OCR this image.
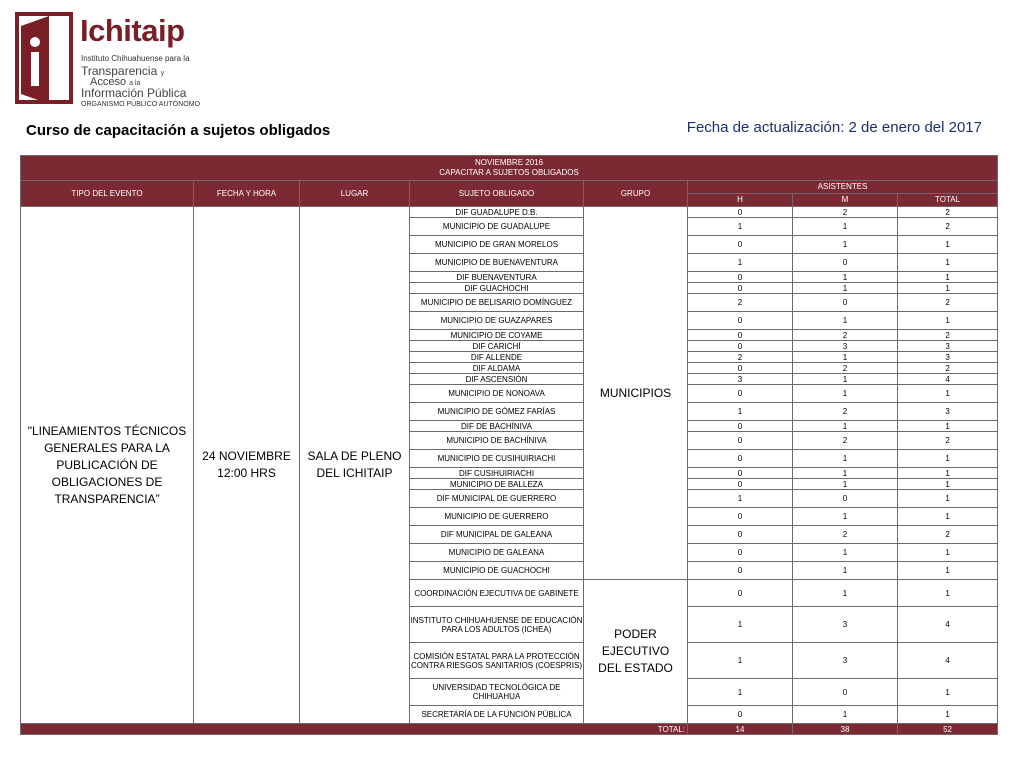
Ichitaip
Instituto Chihuahuense para la
Transparencia y
Acceso a la
Información Pública
ORGANISMO PÚBLICO AUTÓNOMO
Curso de capacitación a sujetos obligados	Fecha de actualización: 2 de enero del 2017
NOVIEMBRE 2016
CAPACITAR A SUJETOS OBLIGADOS							

TIPO DEL EVENTO	FECHA Y HORA	LUGAR	SUJETO OBLIGADO	GRUPO	ASISTENTES		
					H	M	TOTAL
"LINEAMIENTOS TÉCNICOS GENERALES PARA LA PUBLICACIÓN DE OBLIGACIONES DE TRANSPARENCIA”	24 NOVIEMBRE 12:00 HRS	SALA DE PLENO DEL ICHITAIP	DIF GUADALUPE D.B.	MUNICIPIOS	0	2	2
			MUNICIPIO DE GUADALUPE		1	1	2
			MUNICIPIO DE GRAN MORELOS		0	1	1
			MUNICIPIO DE BUENAVENTURA		1	0	1
			DIF BUENAVENTURA		0	1	1
			DIF GUACHOCHI		0	1	1
			MUNICIPIO DE BELISARIO DOMÍNGUEZ		2	0	2
			MUNICIPIO DE GUAZAPARES		0	1	1
			MUNICIPIO DE COYAME		0	2	2
			DIF CARICHÍ		0	3	3
			DIF ALLENDE		2	1	3
			DIF ALDAMA		0	2	2
			DIF ASCENSIÓN		3	1	4
			MUNICIPIO DE NONOAVA		0	1	1
			MUNICIPIO DE GÓMEZ FARÍAS		1	2	3
			DIF DE BACHÍNIVA		0	1	1
			MUNICIPIO DE BACHÍNIVA		0	2	2
			MUNICIPIO DE CUSIHUIRIACHI		0	1	1
			DIF CUSIHUIRIACHI		0	1	1
			MUNICIPIO DE BALLEZA		0	1	1
			DIF MUNICIPAL DE GUERRERO		1	0	1
			MUNICIPIO DE GUERRERO		0	1	1
			DIF MUNICIPAL DE GALEANA		0	2	2
			MUNICIPIO DE GALEANA		0	1	1
			MUNICIPIO DE GUACHOCHI		0	1	1
			COORDINACIÓN EJECUTIVA DE GABINETE	PODER EJECUTIVO DEL ESTADO	0	1	1
			INSTITUTO CHIHUAHUENSE DE EDUCACIÓN PARA LOS ADULTOS (ICHEA)		1	3	4
			COMISIÓN ESTATAL PARA LA PROTECCIÓN CONTRA RIESGOS SANITARIOS (COESPRIS)		1	3	4
			UNIVERSIDAD TECNOLÓGICA DE CHIHUAHUA		1	0	1
			SECRETARÍA DE LA FUNCIÓN PÚBLICA		0	1	1
TOTAL:					14	38	52
